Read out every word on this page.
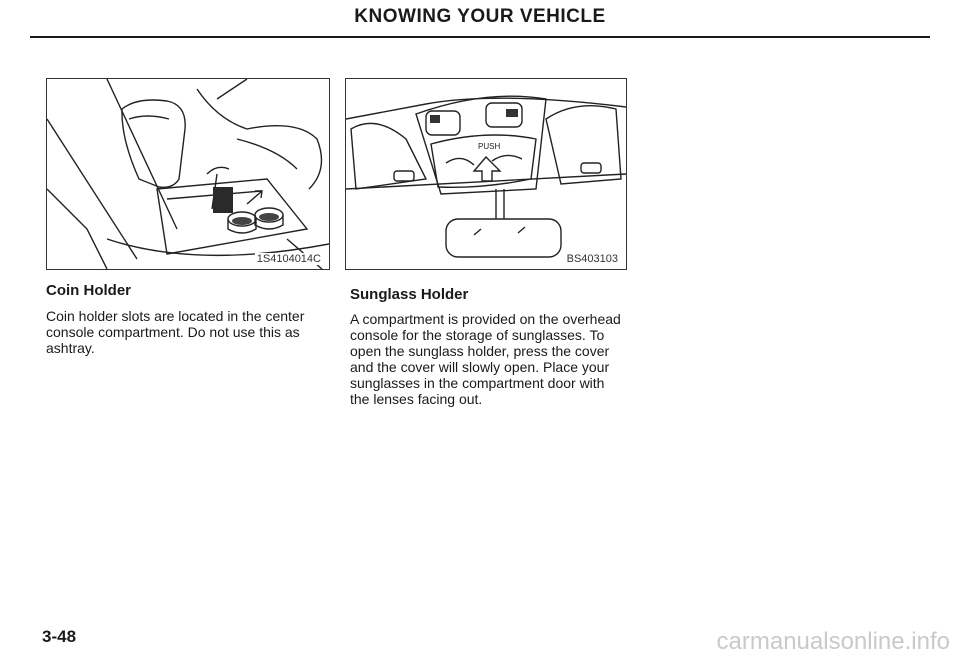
KNOWING YOUR VEHICLE
1S4104014C
PUSH
BS403103
Coin Holder
Coin holder slots are located in the center console compartment. Do not use this as ashtray.
Sunglass Holder
A compartment is provided on the overhead console for the storage of sunglasses. To open the sunglass holder, press the cover and the cover will slowly open. Place your sunglasses in the compartment door with the lenses facing out.
3-48	carmanualsonline.info
